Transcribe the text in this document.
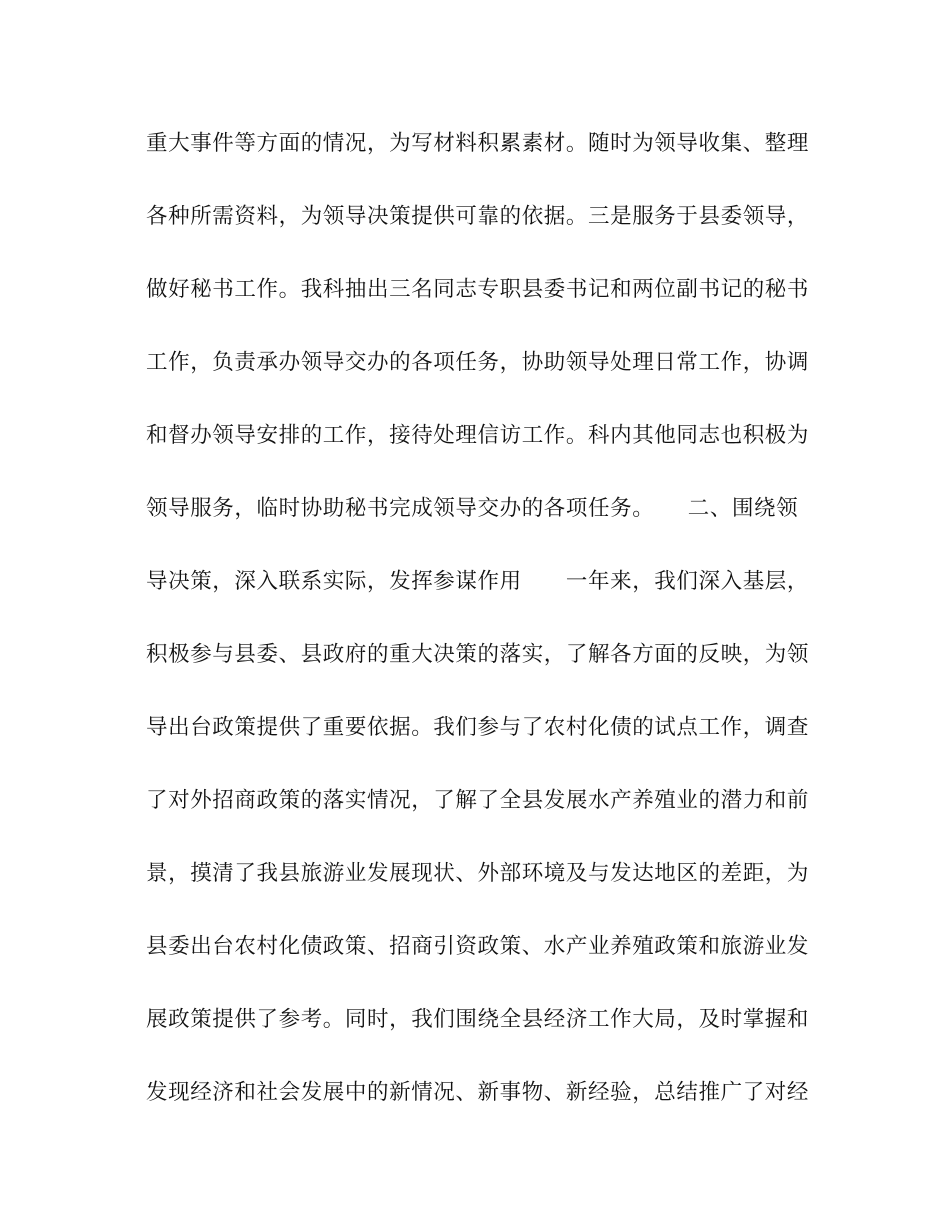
重大事件等方面的情况，为写材料积累素材。随时为领导收集、整理
各种所需资料，为领导决策提供可靠的依据。三是服务于县委领导，
做好秘书工作。我科抽出三名同志专职县委书记和两位副书记的秘书
工作，负责承办领导交办的各项任务，协助领导处理日常工作，协调
和督办领导安排的工作，接待处理信访工作。科内其他同志也积极为
领导服务，临时协助秘书完成领导交办的各项任务。　　二、围绕领
导决策，深入联系实际，发挥参谋作用　　一年来，我们深入基层，
积极参与县委、县政府的重大决策的落实，了解各方面的反映，为领
导出台政策提供了重要依据。我们参与了农村化债的试点工作，调查
了对外招商政策的落实情况，了解了全县发展水产养殖业的潜力和前
景，摸清了我县旅游业发展现状、外部环境及与发达地区的差距，为
县委出台农村化债政策、招商引资政策、水产业养殖政策和旅游业发
展政策提供了参考。同时，我们围绕全县经济工作大局，及时掌握和
发现经济和社会发展中的新情况、新事物、新经验，总结推广了对经
